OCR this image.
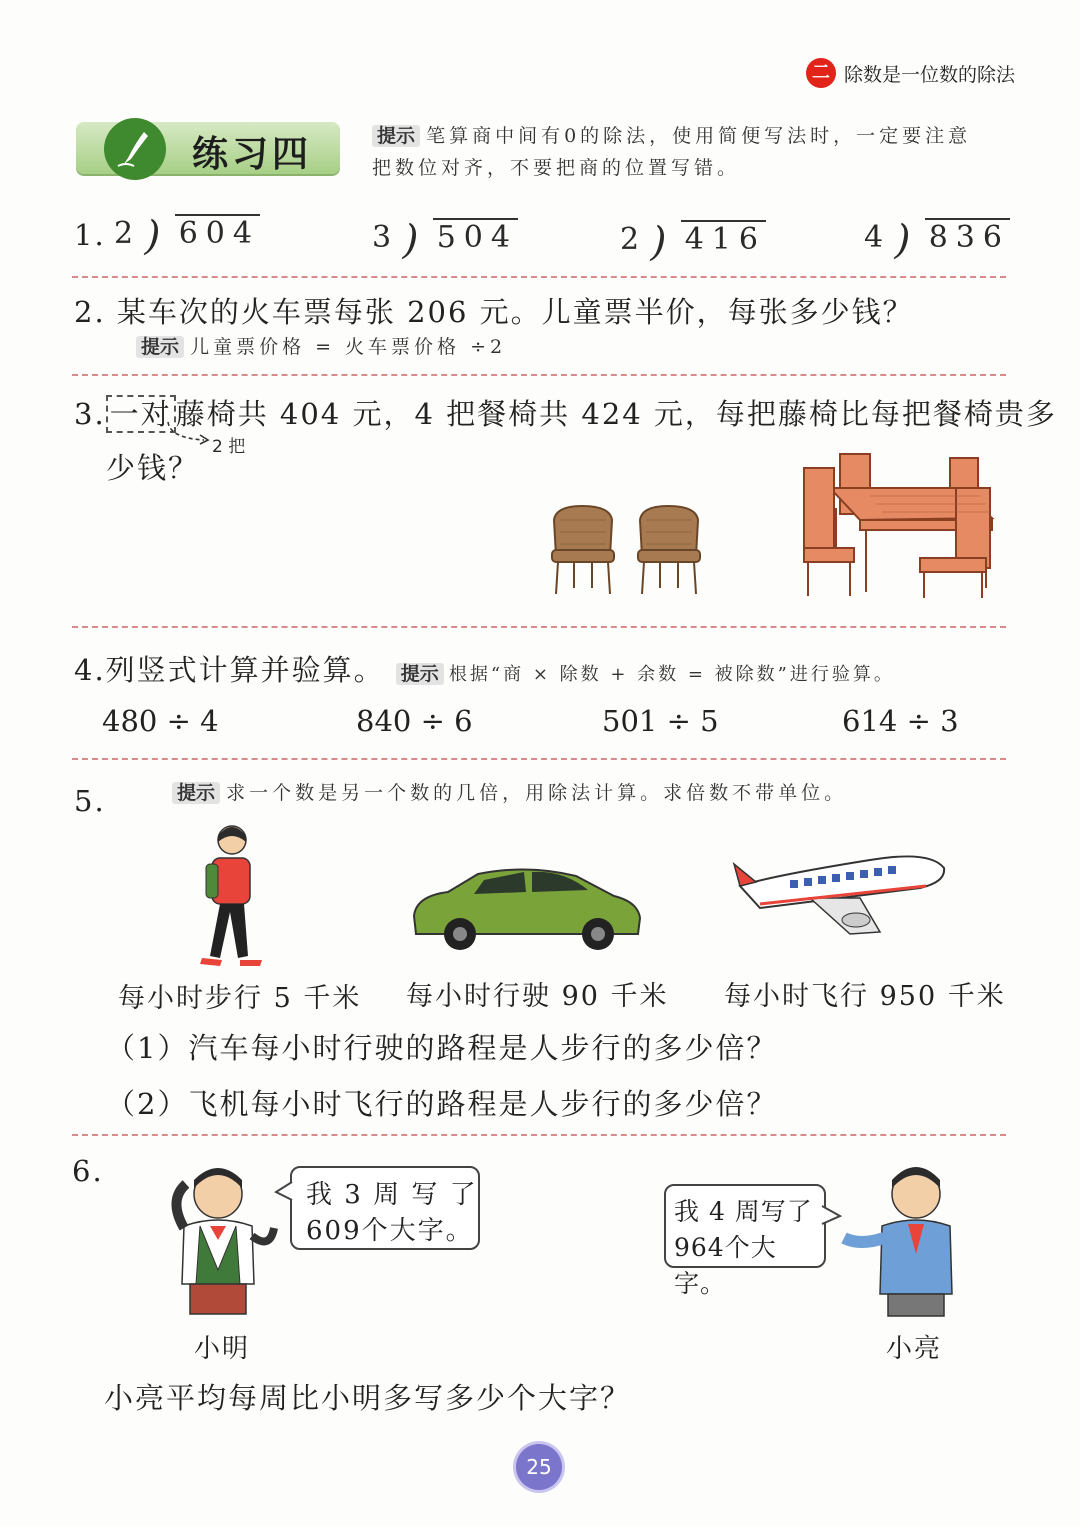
二 除数是一位数的除法
练习四	提示 笔算商中间有0的除法，使用简便写法时，一定要注意
把数位对齐，不要把商的位置写错。
1. 2 ) 604	3 ) 504	2 ) 416	4 ) 836
2. 某车次的火车票每张 206 元。儿童票半价，每张多少钱？
提示 儿童票价格 = 火车票价格 ÷2
3. 一对 藤椅共 404 元，4 把餐椅共 424 元，每把藤椅比每把餐椅贵多
少钱？
2 把
4.列竖式计算并验算。 提示 根据“商 × 除数 + 余数 = 被除数”进行验算。
480 ÷ 4	840 ÷ 6	501 ÷ 5	614 ÷ 3
5.	提示 求一个数是另一个数的几倍，用除法计算。求倍数不带单位。
每小时步行 5 千米 每小时行驶 90 千米 每小时飞行 950 千米
（1）汽车每小时行驶的路程是人步行的多少倍？
（2）飞机每小时飞行的路程是人步行的多少倍？
6.
我 3 周 写 了
609个大字。
小明
我 4 周写了
964个大字。
小亮
小亮平均每周比小明多写多少个大字？
25
